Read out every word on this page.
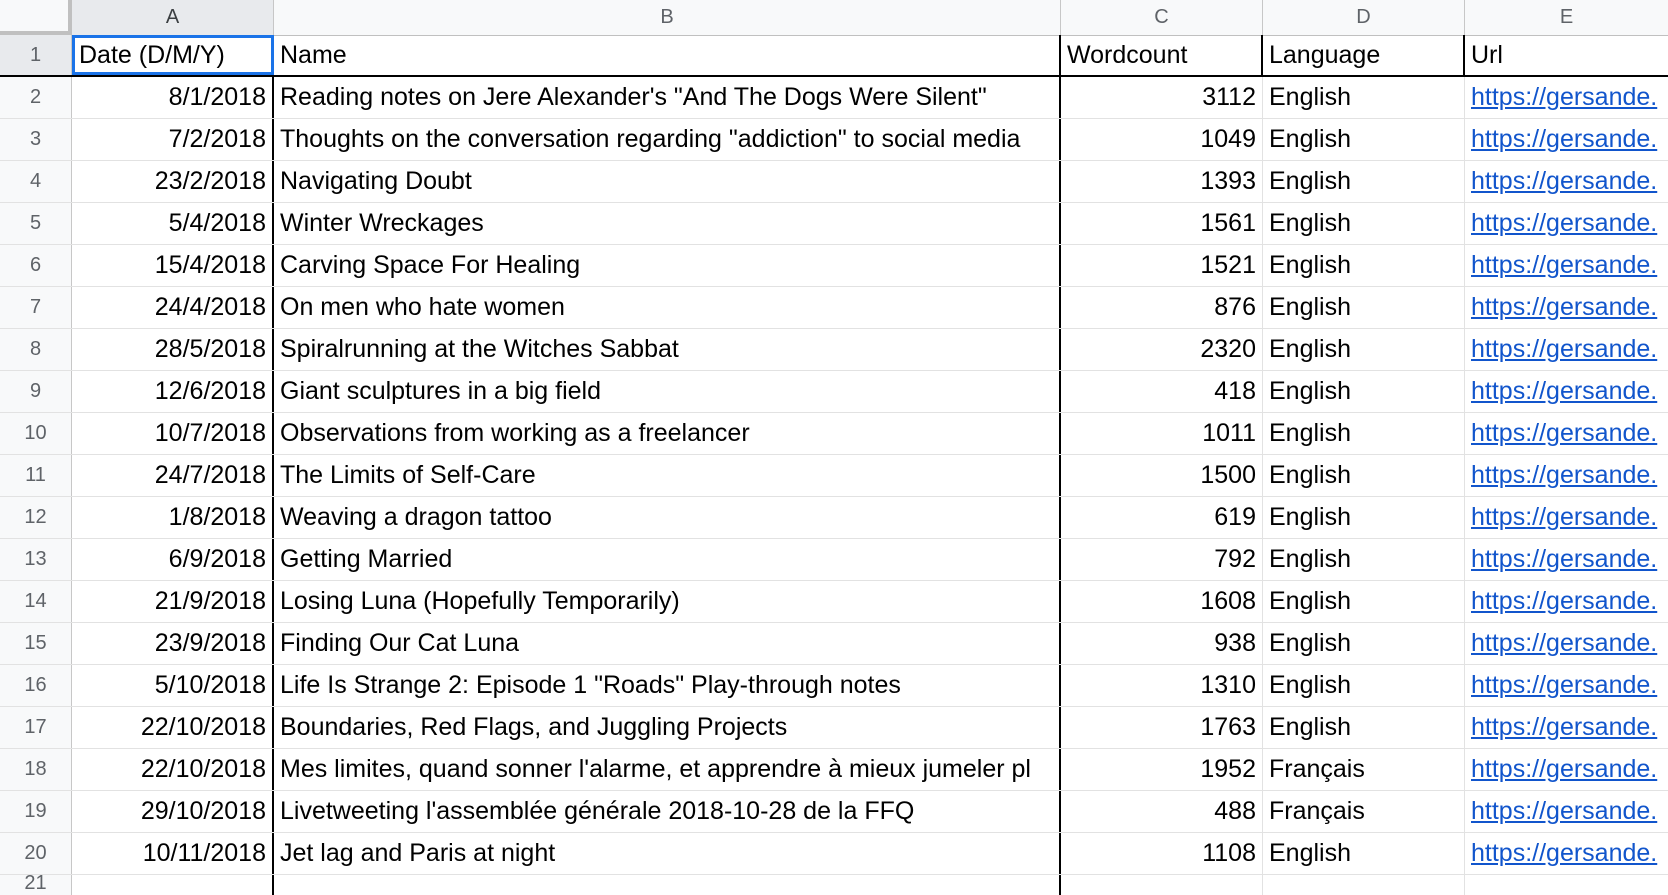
A	B	C	D	E
1	Date (D/M/Y)	Name	Wordcount	Language	Url
2	8/1/2018 Reading notes on Jere Alexander's "And The Dogs Were Silent"	3112 English	https://gersande.
3	7/2/2018 Thoughts on the conversation regarding "addiction" to social media	1049 English	https://gersande.
4	23/2/2018 Navigating Doubt	1393 English	https://gersande.
5	5/4/2018 Winter Wreckages	1561 English	https://gersande.
6	15/4/2018 Carving Space For Healing	1521 English	https://gersande.
7	24/4/2018 On men who hate women	876 English	https://gersande.
8	28/5/2018 Spiralrunning at the Witches Sabbat	2320 English	https://gersande.
9	12/6/2018 Giant sculptures in a big field	418 English	https://gersande.
10	10/7/2018 Observations from working as a freelancer	1011 English	https://gersande.
11	24/7/2018 The Limits of Self-Care	1500 English	https://gersande.
12	1/8/2018 Weaving a dragon tattoo	619 English	https://gersande.
13	6/9/2018 Getting Married	792 English	https://gersande.
14	21/9/2018 Losing Luna (Hopefully Temporarily)	1608 English	https://gersande.
15	23/9/2018 Finding Our Cat Luna	938 English	https://gersande.
16	5/10/2018 Life Is Strange 2: Episode 1 "Roads" Play-through notes	1310 English	https://gersande.
17	22/10/2018 Boundaries, Red Flags, and Juggling Projects	1763 English	https://gersande.
18	22/10/2018 Mes limites, quand sonner l'alarme, et apprendre à mieux jumeler pl	1952 Français	https://gersande.
19	29/10/2018 Livetweeting l'assemblée générale 2018-10-28 de la FFQ	488 Français	https://gersande.
20	10/11/2018 Jet lag and Paris at night	1108 English	https://gersande.
21
